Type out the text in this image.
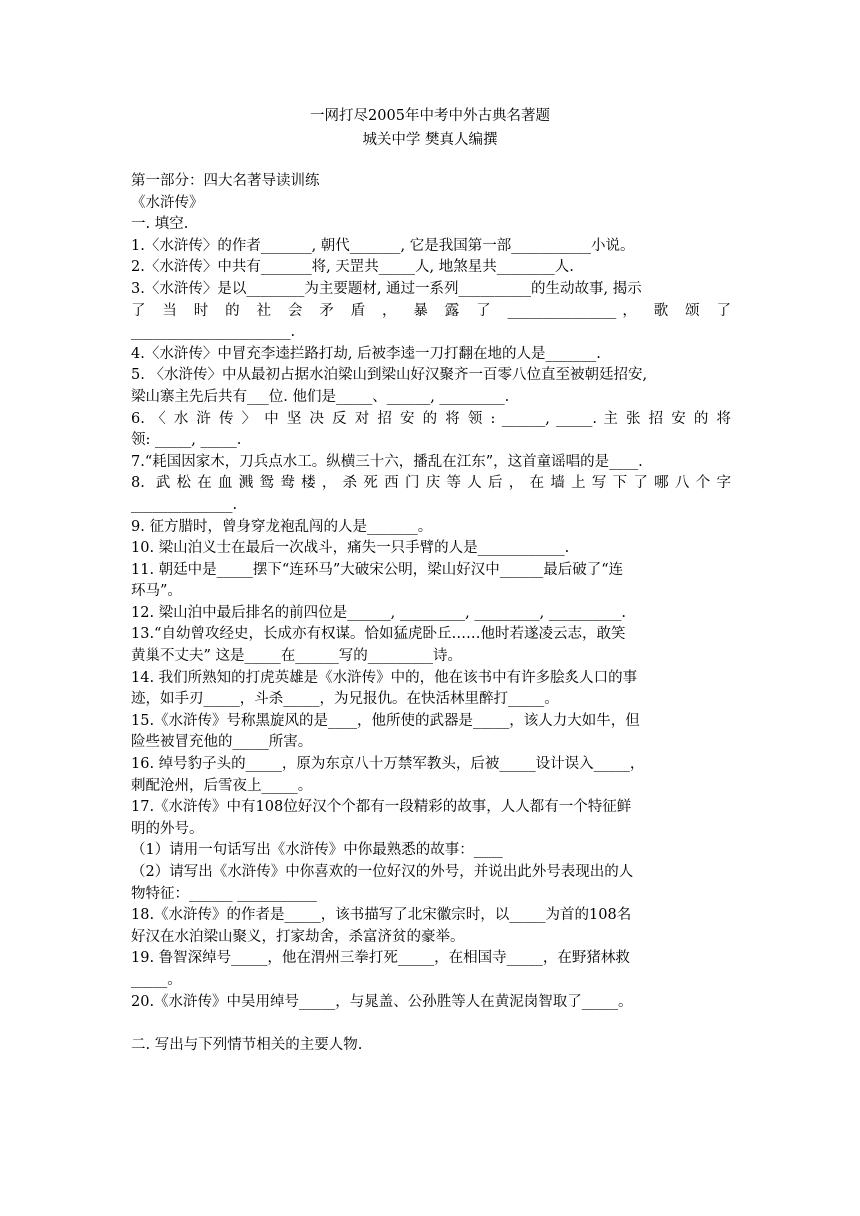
一网打尽2005年中考中外古典名著题
城关中学 樊真人编撰
第一部分：四大名著导读训练
《水浒传》
一. 填空.
1.〈水浒传〉的作者_______, 朝代_______, 它是我国第一部___________小说。
2.〈水浒传〉中共有_______将, 天罡共_____人, 地煞星共________人.
3.〈水浒传〉是以________为主要题材, 通过一系列__________的生动故事, 揭示
了 当 时 的 社 会 矛 盾 ， 暴 露 了 _______________， 歌 颂 了
______________________.
4.〈水浒传〉中冒充李逵拦路打劫, 后被李逵一刀打翻在地的人是_______.
5. 〈水浒传〉中从最初占据水泊梁山到梁山好汉聚齐一百零八位直至被朝廷招安,
梁山寨主先后共有___位. 他们是_____、______, _________.
6. 〈 水 浒 传 〉 中 坚 决 反 对 招 安 的 将 领 : ______, _____. 主 张 招 安 的 将
领: _____, _____.
7.“耗国因家木，刀兵点水工。纵横三十六，播乱在江东”，这首童谣唱的是____.
8. 武松在血溅鸳鸯楼，杀死西门庆等人后，在墙上写下了哪八个字
______________.
9. 征方腊时，曾身穿龙袍乱闯的人是_______。
10. 梁山泊义士在最后一次战斗，痛失一只手臂的人是____________.
11. 朝廷中是_____摆下“连环马”大破宋公明，梁山好汉中______最后破了“连
环马”。
12. 梁山泊中最后排名的前四位是______, _________, _________, __________.
13.“自幼曾攻经史，长成亦有权谋。恰如猛虎卧丘……他时若遂凌云志，敢笑
黄巢不丈夫” 这是_____在______写的_________诗。
14. 我们所熟知的打虎英雄是《水浒传》中的，他在该书中有许多脍炙人口的事
迹，如手刃_____，斗杀_____，为兄报仇。在快活林里醉打_____。
15.《水浒传》号称黑旋风的是____，他所使的武器是_____，该人力大如牛，但
险些被冒充他的_____所害。
16. 绰号豹子头的_____，原为东京八十万禁军教头，后被_____设计误入_____，
刺配沧州，后雪夜上_____。
17.《水浒传》中有108位好汉个个都有一段精彩的故事，人人都有一个特征鲜
明的外号。
（1）请用一句话写出《水浒传》中你最熟悉的故事：____
（2）请写出《水浒传》中你喜欢的一位好汉的外号，并说出此外号表现出的人
物特征：______ ___________
18.《水浒传》的作者是_____，该书描写了北宋徽宗时，以_____为首的108名
好汉在水泊梁山聚义，打家劫舍，杀富济贫的豪举。
19. 鲁智深绰号_____，他在渭州三拳打死_____，在相国寺_____，在野猪林救
_____。
20.《水浒传》中吴用绰号_____，与晁盖、公孙胜等人在黄泥岗智取了_____。
二. 写出与下列情节相关的主要人物.
